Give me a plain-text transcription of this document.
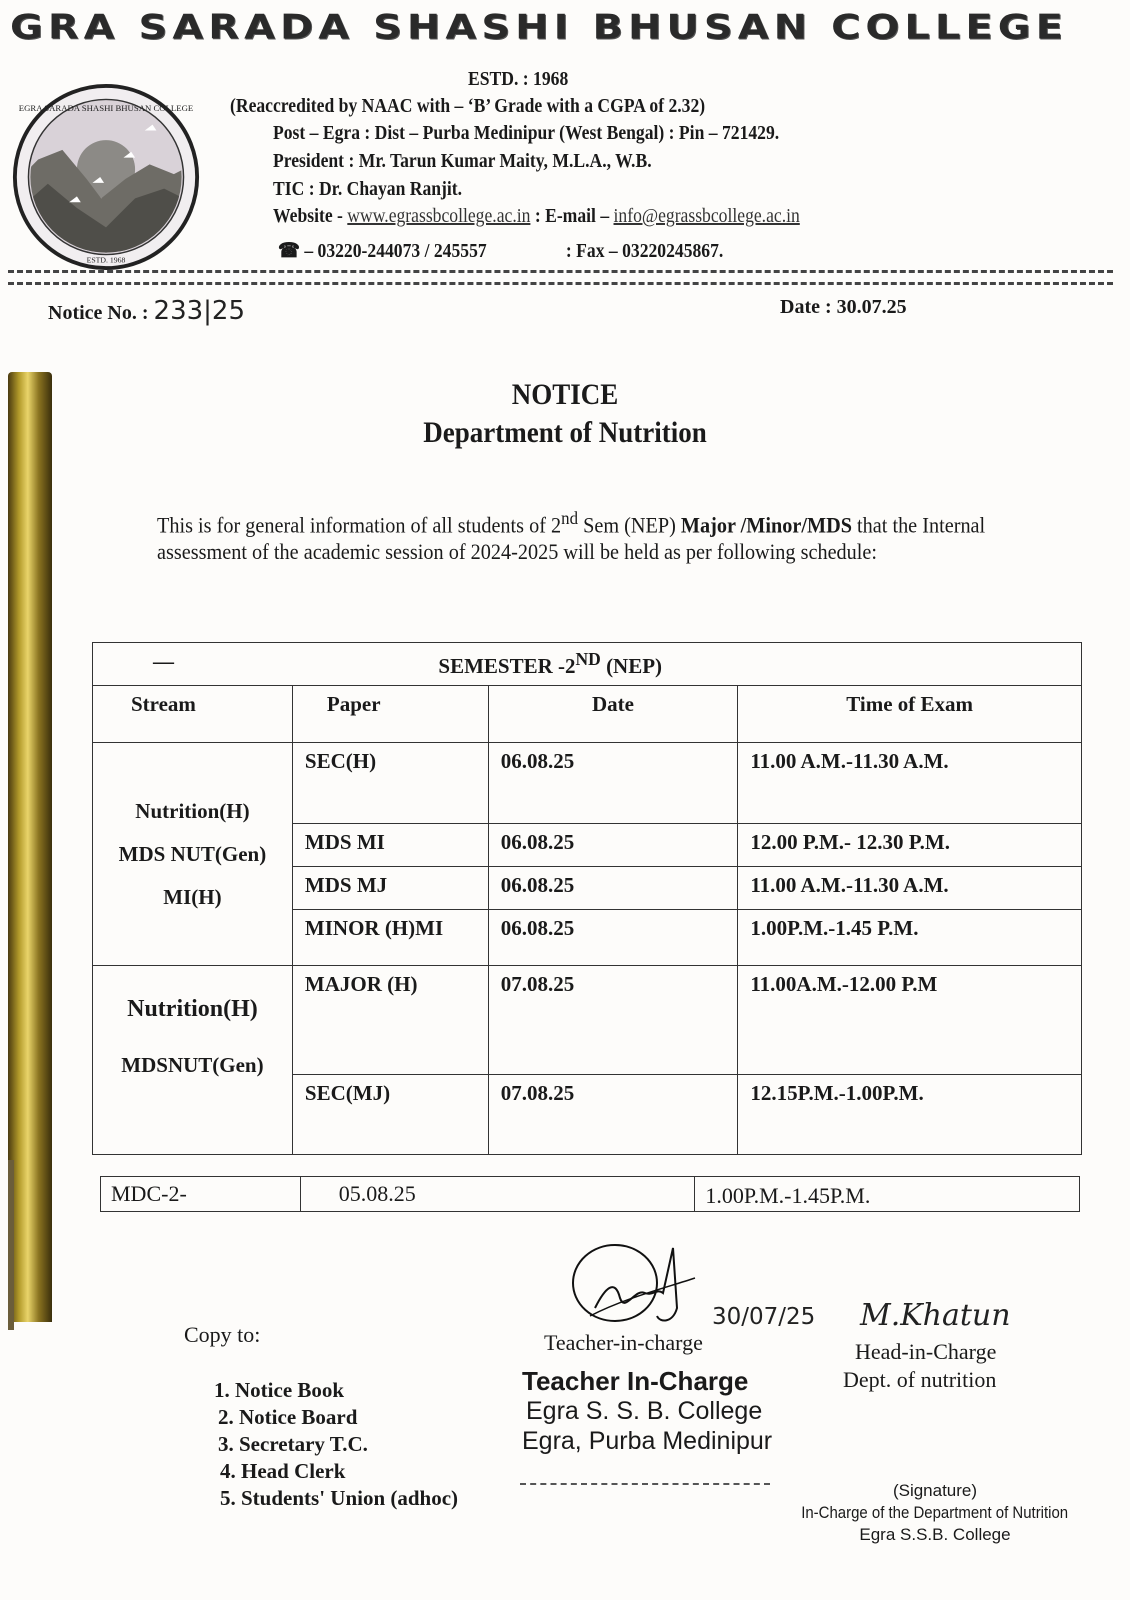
GRA SARADA SHASHI BHUSAN COLLEGE
EGRA SARADA SHASHI BHUSAN COLLEGE
ESTD. 1968
ESTD. : 1968
(Reaccredited by NAAC with – ‘B’ Grade with a CGPA of 2.32)
Post – Egra : Dist – Purba Medinipur (West Bengal) : Pin – 721429.
President : Mr. Tarun Kumar Maity, M.L.A., W.B.
TIC : Dr. Chayan Ranjit.
Website - www.egrassbcollege.ac.in : E-mail – info@egrassbcollege.ac.in
☎ – 03220-244073 / 245557	: Fax – 03220245867.
Notice No. : 233|25	Date : 30.07.25
NOTICE
Department of Nutrition
This is for general information of all students of 2nd Sem (NEP) Major /Minor/MDS that the Internal assessment of the academic session of 2024-2025 will be held as per following schedule:
—	SEMESTER -2ND (NEP)		
Stream	Paper	Date	Time of Exam

Nutrition(H)
MDS NUT(Gen)
MI(H)	SEC(H)	06.08.25	11.00 A.M.-11.30 A.M.
	MDS MI	06.08.25	12.00 P.M.- 12.30 P.M.
	MDS MJ	06.08.25	11.00 A.M.-11.30 A.M.
	MINOR (H)MI	06.08.25	1.00P.M.-1.45 P.M.

Nutrition(H)
MDSNUT(Gen)	MAJOR (H)	07.08.25	11.00A.M.-12.00 P.M
	SEC(MJ)	07.08.25	12.15P.M.-1.00P.M.
MDC-2-	05.08.25	1.00P.M.-1.45P.M.
Copy to:
1. Notice Book
2. Notice Board
3. Secretary T.C.
4. Head Clerk
5. Students' Union (adhoc)
30/07/25
Teacher-in-charge
Teacher In-Charge
Egra S. S. B. College
Egra, Purba Medinipur
M.Khatun
Head-in-Charge
Dept. of nutrition
(Signature)
In-Charge of the Department of Nutrition
Egra S.S.B. College
